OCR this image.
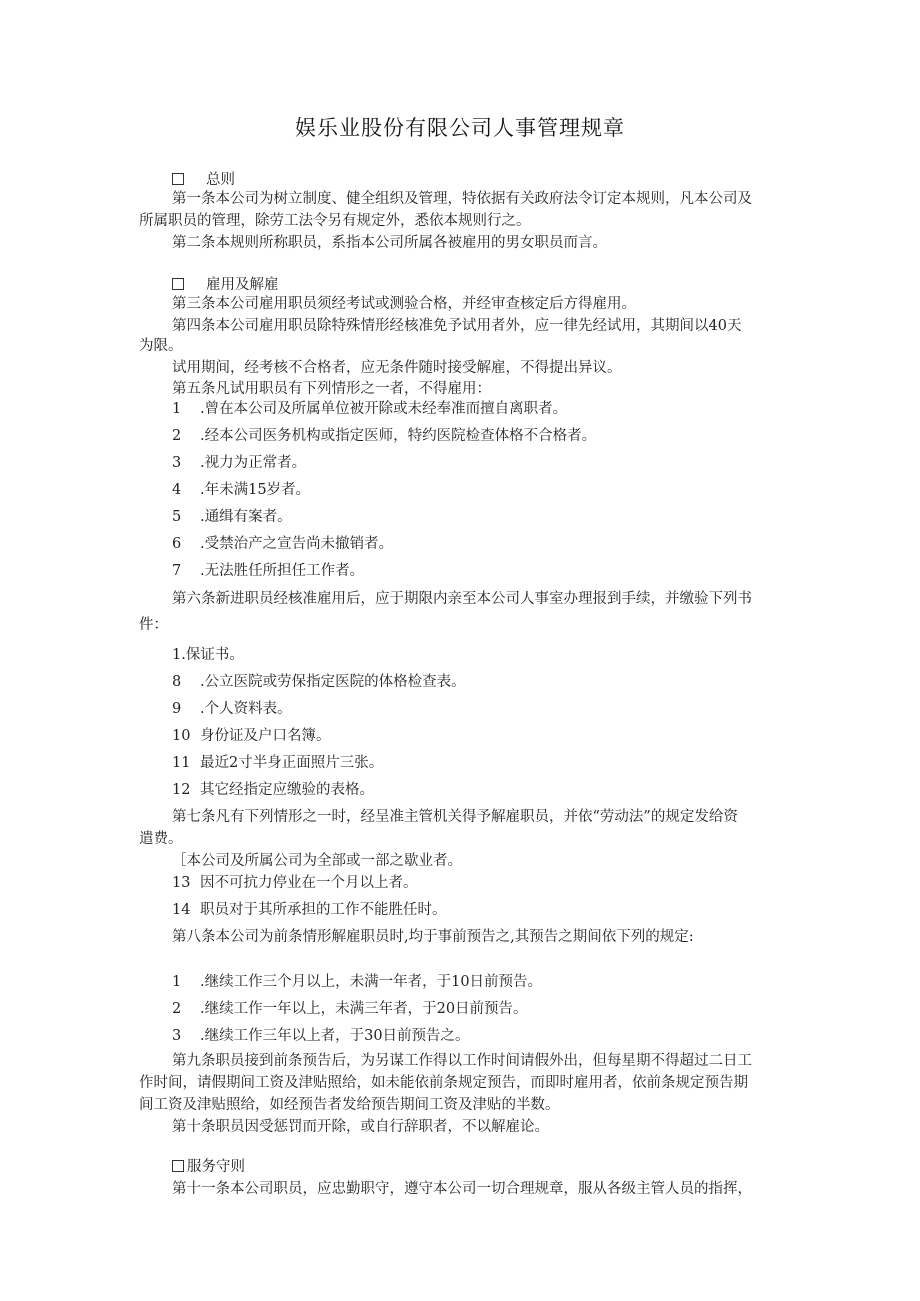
娱乐业股份有限公司人事管理规章
总则
第一条本公司为树立制度、健全组织及管理，特依据有关政府法令订定本规则，凡本公司及
所属职员的管理，除劳工法令另有规定外，悉依本规则行之。
第二条本规则所称职员，系指本公司所属各被雇用的男女职员而言。
雇用及解雇
第三条本公司雇用职员须经考试或测验合格，并经审查核定后方得雇用。
第四条本公司雇用职员除特殊情形经核准免予试用者外，应一律先经试用，其期间以40天
为限。
试用期间，经考核不合格者，应无条件随时接受解雇，不得提出异议。
第五条凡试用职员有下列情形之一者，不得雇用：
1 .曾在本公司及所属单位被开除或未经奉准而擅自离职者。
2 .经本公司医务机构或指定医师，特约医院检查体格不合格者。
3 .视力为正常者。
4 .年未满15岁者。
5 .通缉有案者。
6 .受禁治产之宣告尚未撤销者。
7 .无法胜任所担任工作者。
第六条新进职员经核准雇用后，应于期限内亲至本公司人事室办理报到手续，并缴验下列书
件：
1.保证书。
8 .公立医院或劳保指定医院的体格检查表。
9 .个人资料表。
10 身份证及户口名簿。
11 最近2寸半身正面照片三张。
12 其它经指定应缴验的表格。
第七条凡有下列情形之一时，经呈准主管机关得予解雇职员，并依“劳动法”的规定发给资
遣费。
［本公司及所属公司为全部或一部之歇业者。
13 因不可抗力停业在一个月以上者。
14 职员对于其所承担的工作不能胜任时。
第八条本公司为前条情形解雇职员时,均于事前预告之,其预告之期间依下列的规定:
1 .继续工作三个月以上，未满一年者，于10日前预告。
2 .继续工作一年以上，未满三年者，于20日前预告。
3 .继续工作三年以上者，于30日前预告之。
第九条职员接到前条预告后，为另谋工作得以工作时间请假外出，但每星期不得超过二日工
作时间，请假期间工资及津贴照给，如未能依前条规定预告，而即时雇用者，依前条规定预告期
间工资及津贴照给，如经预告者发给预告期间工资及津贴的半数。
第十条职员因受惩罚而开除，或自行辞职者，不以解雇论。
服务守则
第十一条本公司职员，应忠勤职守，遵守本公司一切合理规章，服从各级主管人员的指挥，
